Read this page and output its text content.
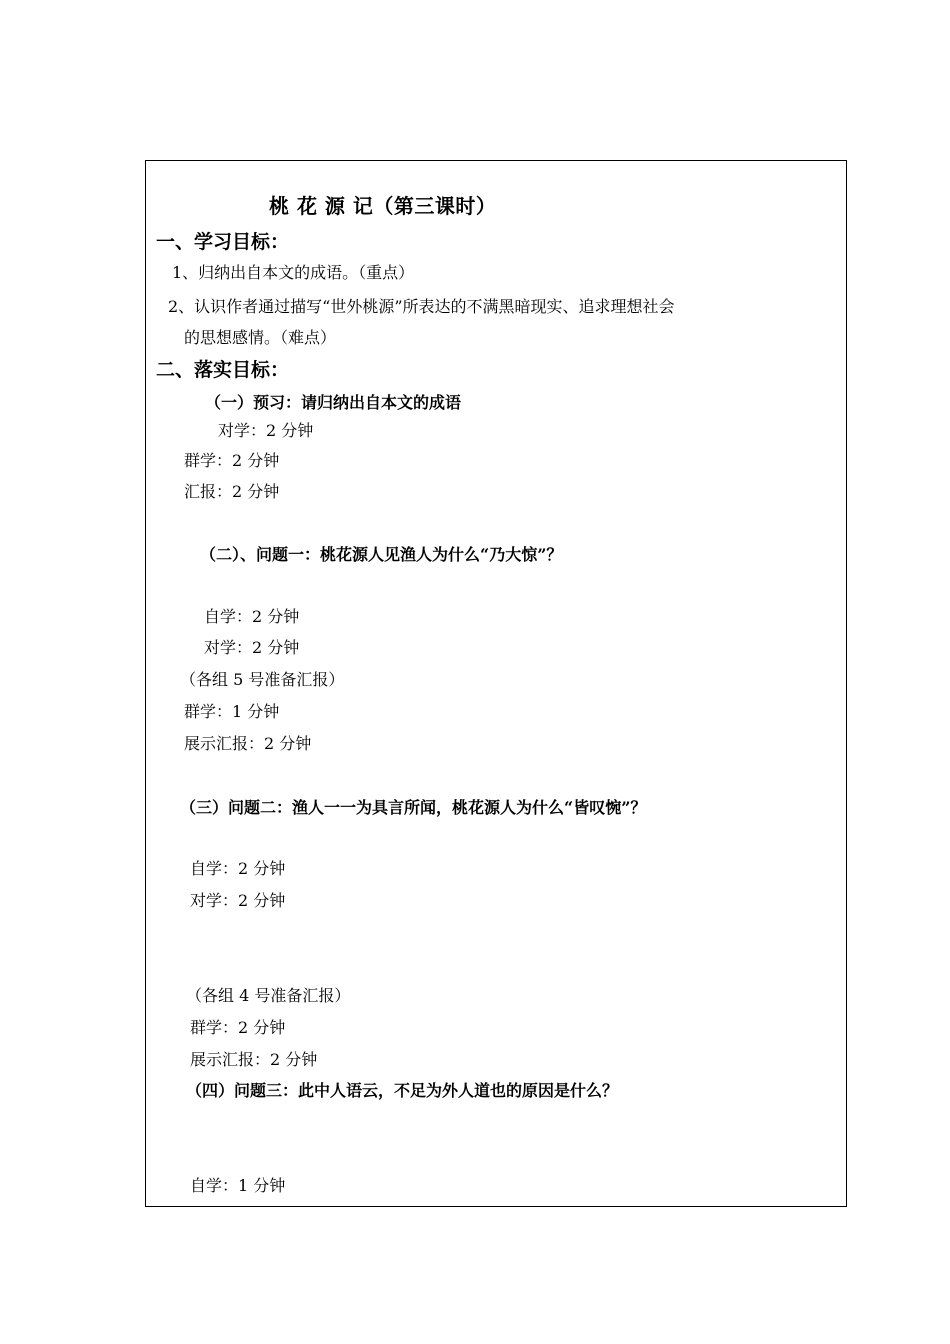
桃 花 源 记（第三课时）
一、学习目标：
1、归纳出自本文的成语。（重点）
2、认识作者通过描写“世外桃源”所表达的不满黑暗现实、追求理想社会
的思想感情。（难点）
二、落实目标：
（一）预习：请归纳出自本文的成语
对学：2 分钟
群学：2 分钟
汇报：2 分钟
（二）、问题一：桃花源人见渔人为什么“乃大惊”？
自学：2 分钟
对学：2 分钟
（各组 5 号准备汇报）
群学：1 分钟
展示汇报：2 分钟
（三）问题二：渔人一一为具言所闻，桃花源人为什么“皆叹惋”？
自学：2 分钟
对学：2 分钟
（各组 4 号准备汇报）
群学：2 分钟
展示汇报：2 分钟
（四）问题三：此中人语云，不足为外人道也的原因是什么？
自学：1 分钟
